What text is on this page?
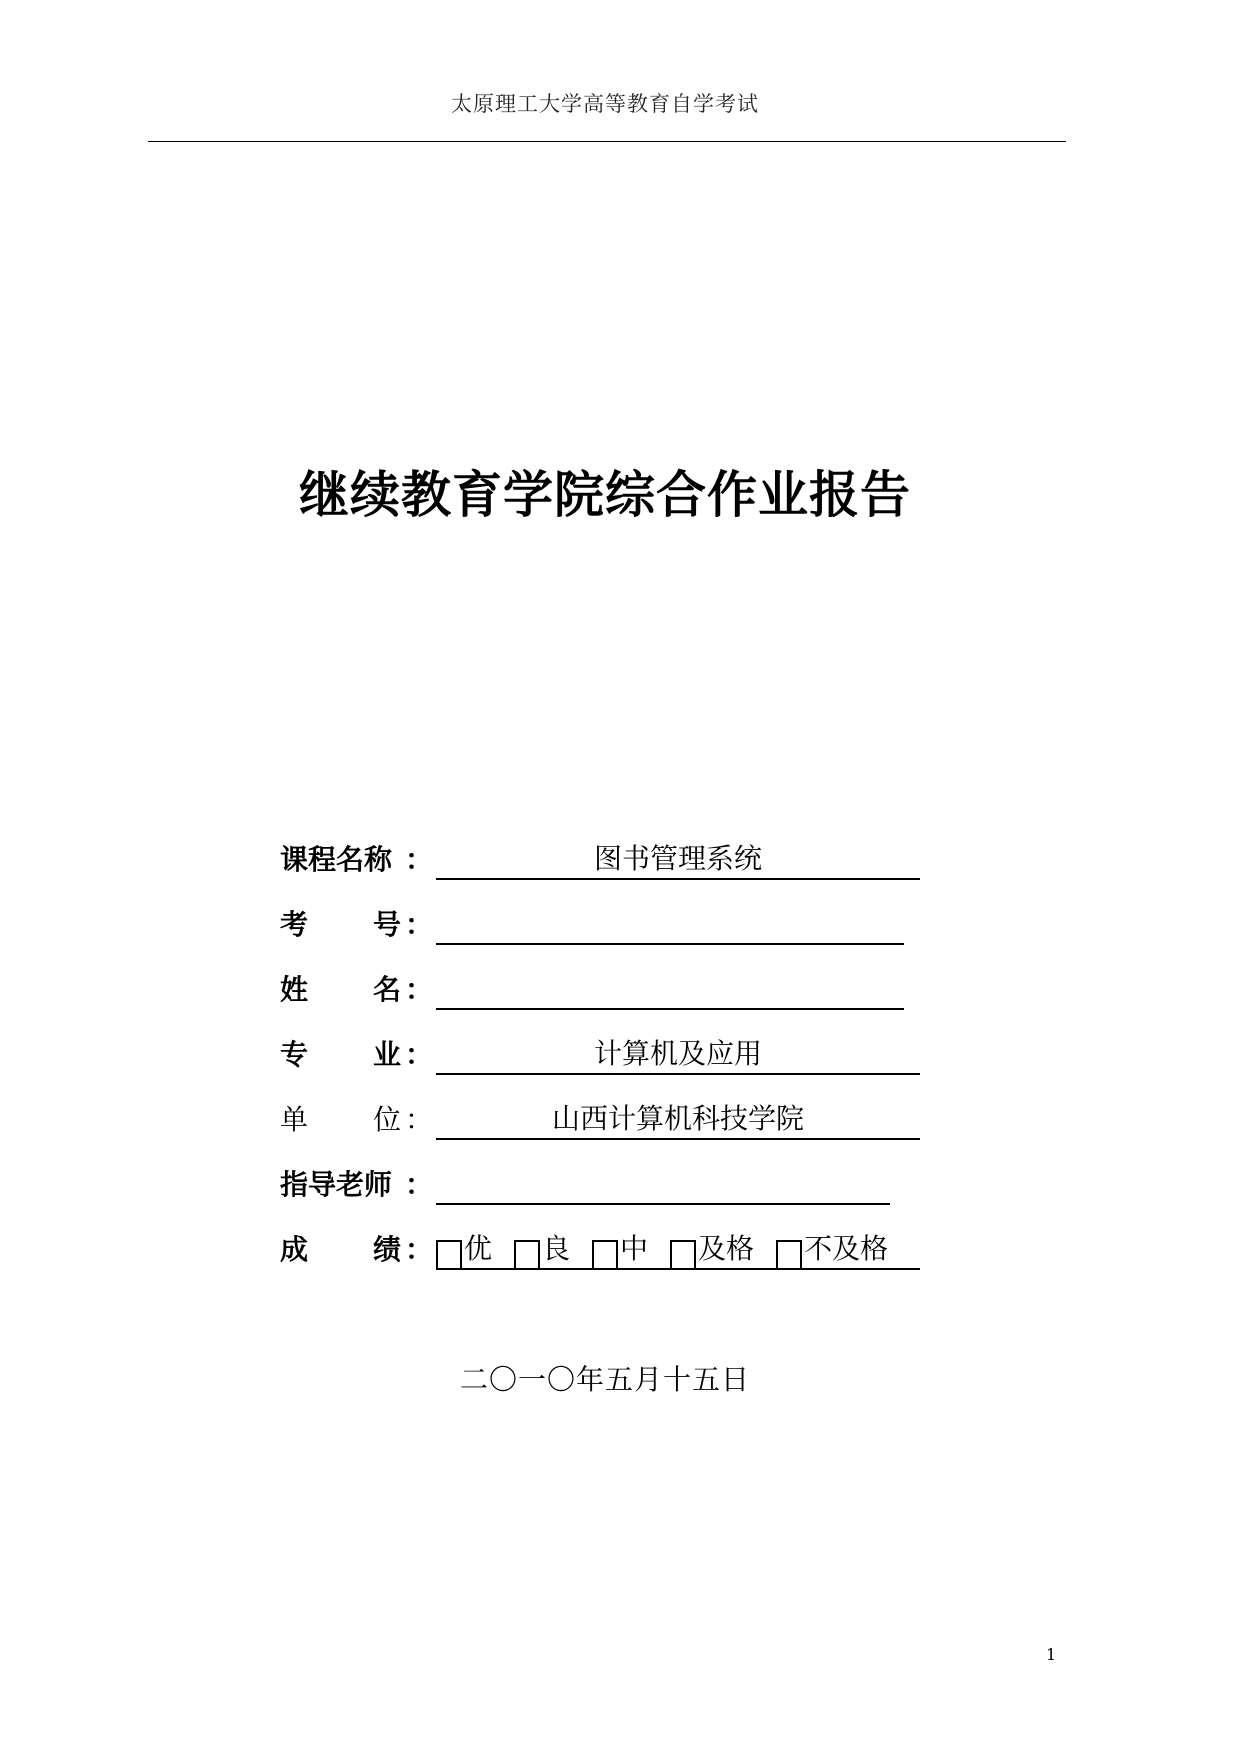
太原理工大学高等教育自学考试
继续教育学院综合作业报告
课程名称 ：	图书管理系统
考 号 ：
姓 名 ：
专 业 ：	计算机及应用
单 位 ：	山西计算机科技学院
指导老师 ：
成 绩 ： 优 良 中 及格 不及格
二〇一〇年五月十五日
1
